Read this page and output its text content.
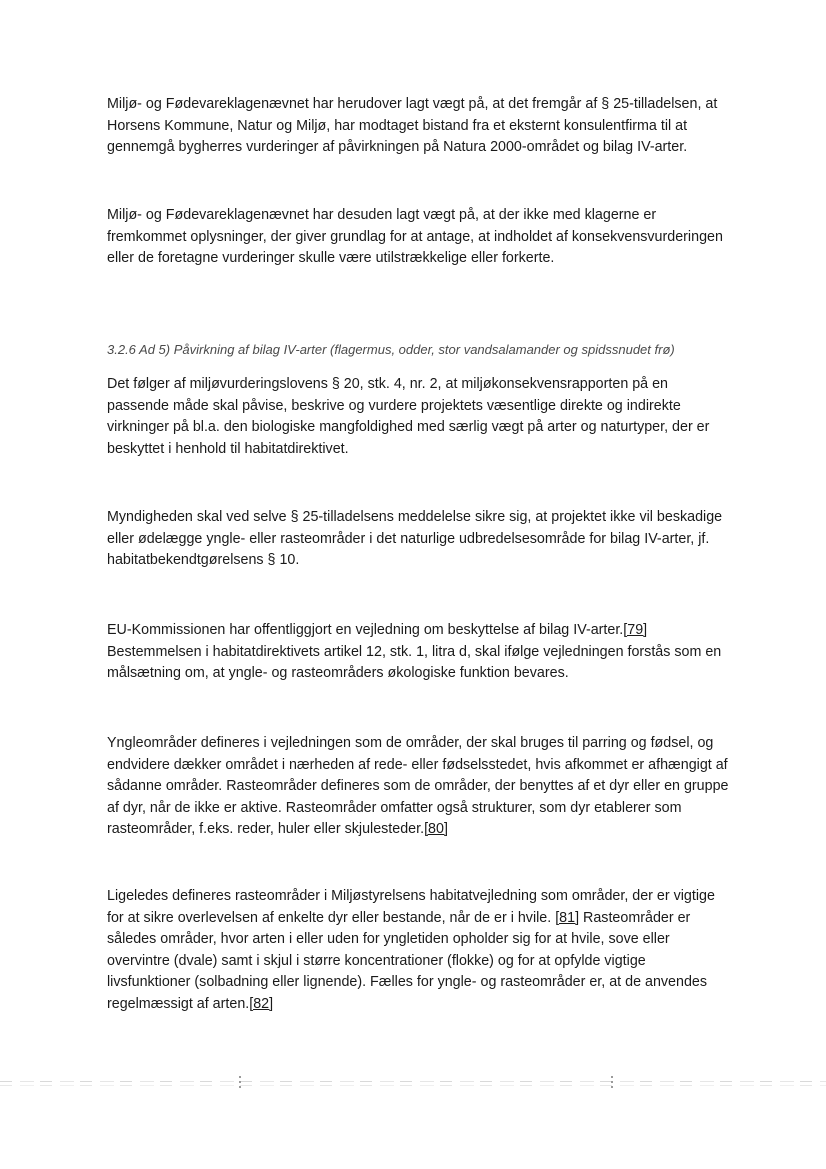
Miljø- og Fødevareklagenævnet har herudover lagt vægt på, at det fremgår af § 25-tilladelsen, at Horsens Kommune, Natur og Miljø, har modtaget bistand fra et eksternt konsulentfirma til at gennemgå bygherres vurderinger af påvirkningen på Natura 2000-området og bilag IV-arter.

Miljø- og Fødevareklagenævnet har desuden lagt vægt på, at der ikke med klagerne er fremkommet oplysninger, der giver grundlag for at antage, at indholdet af konsekvensvurderingen eller de foretagne vurderinger skulle være utilstrækkelige eller forkerte.

3.2.6 Ad 5) Påvirkning af bilag IV-arter (flagermus, odder, stor vandsalamander og spidssnudet frø)

Det følger af miljøvurderingslovens § 20, stk. 4, nr. 2, at miljøkonsekvensrapporten på en passende måde skal påvise, beskrive og vurdere projektets væsentlige direkte og indirekte virkninger på bl.a. den biologiske mangfoldighed med særlig vægt på arter og naturtyper, der er beskyttet i henhold til habitatdirektivet.

Myndigheden skal ved selve § 25-tilladelsens meddelelse sikre sig, at projektet ikke vil beskadige eller ødelægge yngle- eller rasteområder i det naturlige udbredelsesområde for bilag IV-arter, jf. habitatbekendtgørelsens § 10.

EU-Kommissionen har offentliggjort en vejledning om beskyttelse af bilag IV-arter.[79] Bestemmelsen i habitatdirektivets artikel 12, stk. 1, litra d, skal ifølge vejledningen forstås som en målsætning om, at yngle- og rasteområders økologiske funktion bevares.

Yngleområder defineres i vejledningen som de områder, der skal bruges til parring og fødsel, og endvidere dækker området i nærheden af rede- eller fødselsstedet, hvis afkommet er afhængigt af sådanne områder. Rasteområder defineres som de områder, der benyttes af et dyr eller en gruppe af dyr, når de ikke er aktive. Rasteområder omfatter også strukturer, som dyr etablerer som rasteområder, f.eks. reder, huler eller skjulesteder.[80]

Ligeledes defineres rasteområder i Miljøstyrelsens habitatvejledning som områder, der er vigtige for at sikre overlevelsen af enkelte dyr eller bestande, når de er i hvile. [81] Rasteområder er således områder, hvor arten i eller uden for yngletiden opholder sig for at hvile, sove eller overvintre (dvale) samt i skjul i større koncentrationer (flokke) og for at opfylde vigtige livsfunktioner (solbadning eller lignende). Fælles for yngle- og rasteområder er, at de anvendes regelmæssigt af arten.[82]
